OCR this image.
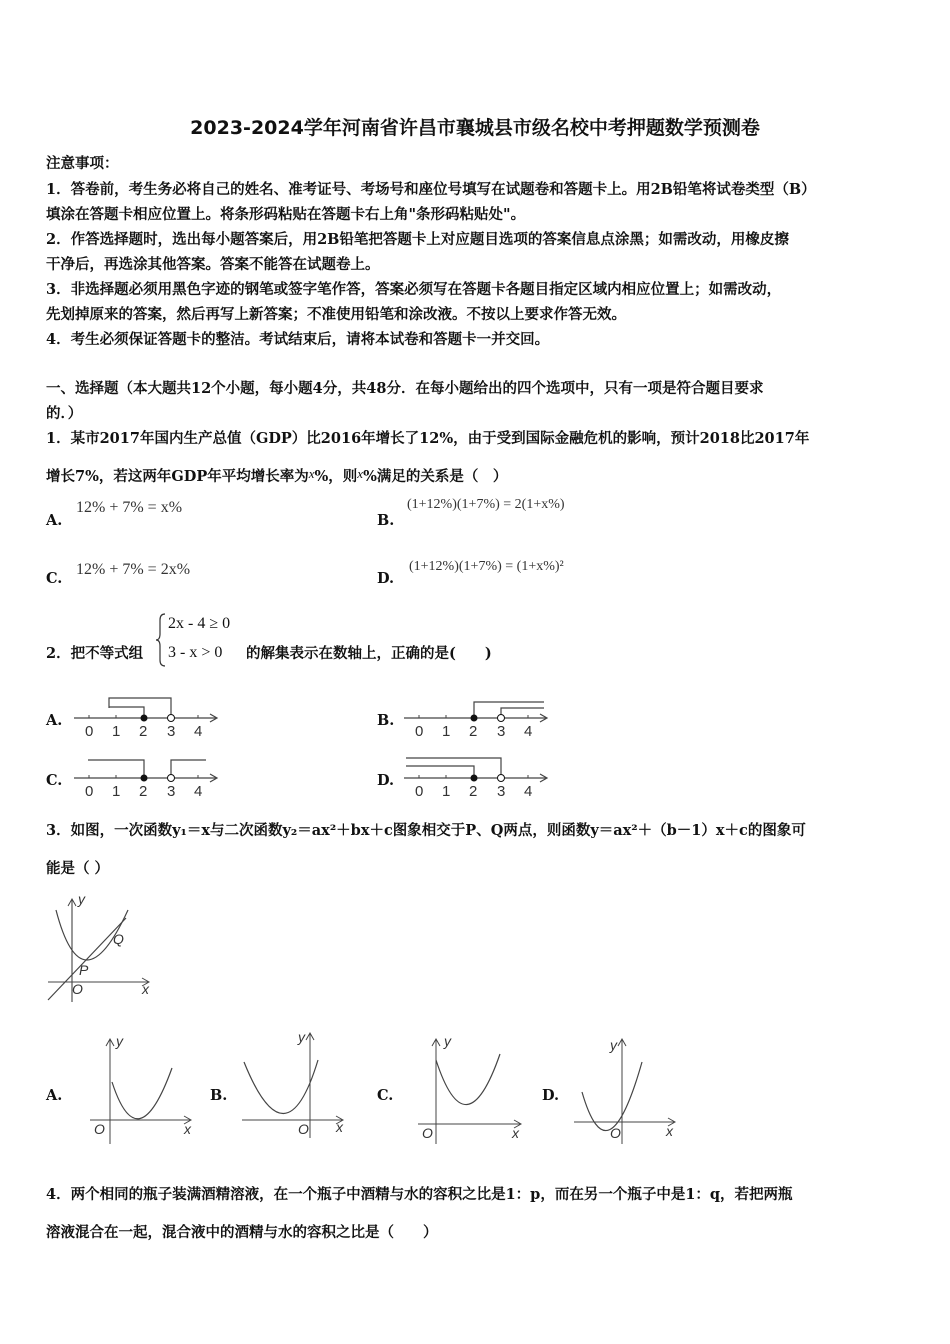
2023-2024学年河南省许昌市襄城县市级名校中考押题数学预测卷
注意事项：
1．答卷前，考生务必将自己的姓名、准考证号、考场号和座位号填写在试题卷和答题卡上。用2B铅笔将试卷类型（B）
填涂在答题卡相应位置上。将条形码粘贴在答题卡右上角"条形码粘贴处"。
2．作答选择题时，选出每小题答案后，用2B铅笔把答题卡上对应题目选项的答案信息点涂黑；如需改动，用橡皮擦
干净后，再选涂其他答案。答案不能答在试题卷上。
3．非选择题必须用黑色字迹的钢笔或签字笔作答，答案必须写在答题卡各题目指定区域内相应位置上；如需改动，
先划掉原来的答案，然后再写上新答案；不准使用铅笔和涂改液。不按以上要求作答无效。
4．考生必须保证答题卡的整洁。考试结束后，请将本试卷和答题卡一并交回。
一、选择题（本大题共12个小题，每小题4分，共48分．在每小题给出的四个选项中，只有一项是符合题目要求
的．）
1．某市2017年国内生产总值（GDP）比2016年增长了12%，由于受到国际金融危机的影响，预计2018比2017年
增长7%，若这两年GDP年平均增长率为x%，则x%满足的关系是（　）
A.
12% + 7% = x%
B.
(1+12%)(1+7%) = 2(1+x%)
C.
12% + 7% = 2x%
D.
(1+12%)(1+7%) = (1+x%)²
2．把不等式组
2x - 4 ≥ 0
3 - x > 0 的解集表示在数轴上，正确的是(　　)
A.	B.
C.	D.
0 1 2 3 4	0 1 2 3 4
0 1 2 3 4	0 1 2 3 4
3．如图，一次函数y₁＝x与二次函数y₂＝ax²＋bx＋c图象相交于P、Q两点，则函数y＝ax²＋（b－1）x＋c的图象可
能是（ ）
y
x
O
P
Q
A.
y
x
O
B.
y
x
O
C.
y
x
O
D.
y
x
O
4．两个相同的瓶子装满酒精溶液，在一个瓶子中酒精与水的容积之比是1：p，而在另一个瓶子中是1：q，若把两瓶
溶液混合在一起，混合液中的酒精与水的容积之比是（　　）
